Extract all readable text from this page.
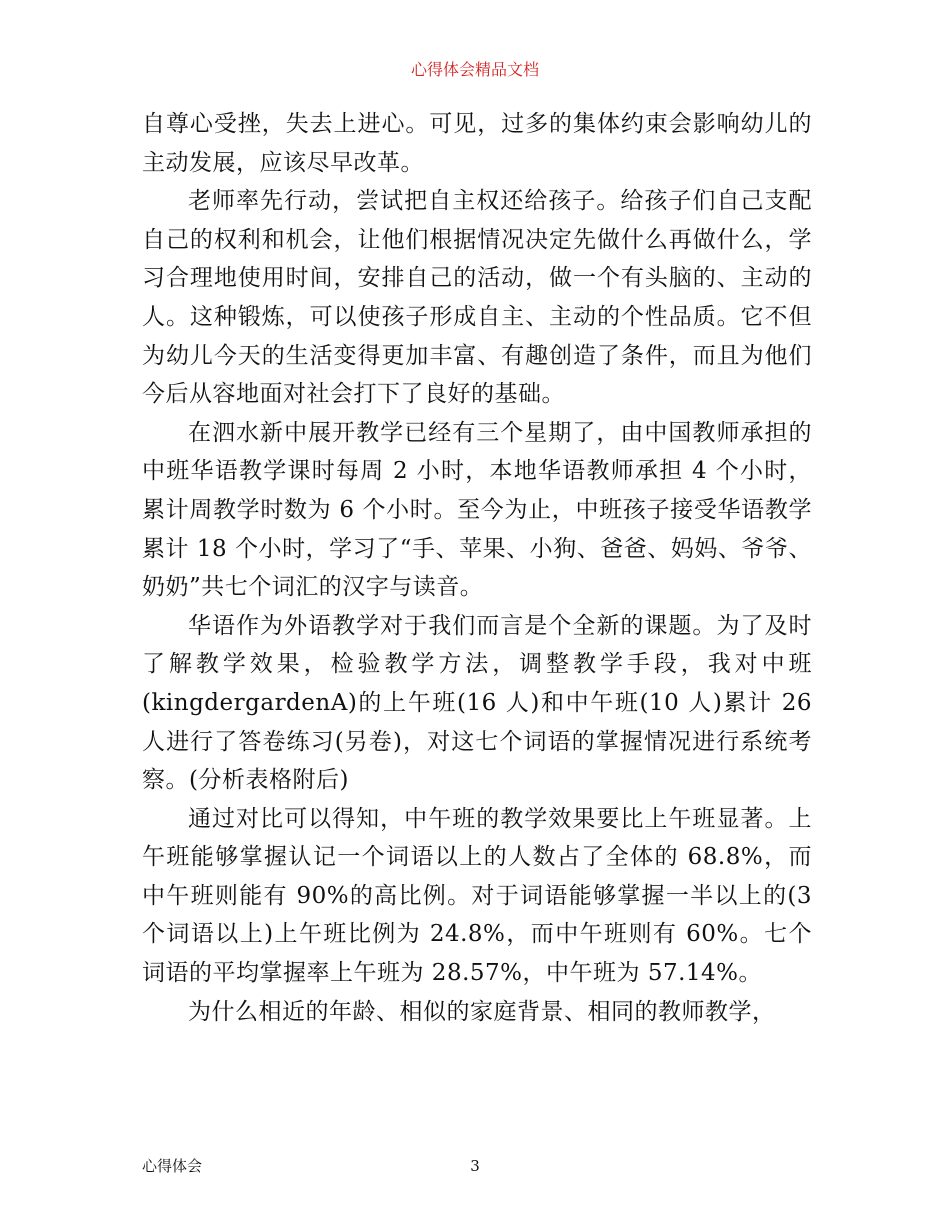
心得体会精品文档

自尊心受挫，失去上进心。可见，过多的集体约束会影响幼儿的主动发展，应该尽早改革。

老师率先行动，尝试把自主权还给孩子。给孩子们自己支配自己的权利和机会，让他们根据情况决定先做什么再做什么，学习合理地使用时间，安排自己的活动，做一个有头脑的、主动的人。这种锻炼，可以使孩子形成自主、主动的个性品质。它不但为幼儿今天的生活变得更加丰富、有趣创造了条件，而且为他们今后从容地面对社会打下了良好的基础。

在泗水新中展开教学已经有三个星期了，由中国教师承担的中班华语教学课时每周 2 小时，本地华语教师承担 4 个小时，累计周教学时数为 6 个小时。至今为止，中班孩子接受华语教学累计 18 个小时，学习了“手、苹果、小狗、爸爸、妈妈、爷爷、奶奶”共七个词汇的汉字与读音。

华语作为外语教学对于我们而言是个全新的课题。为了及时了解教学效果，检验教学方法，调整教学手段，我对中班(kingdergardenA)的上午班(16 人)和中午班(10 人)累计 26 人进行了答卷练习(另卷)，对这七个词语的掌握情况进行系统考察。(分析表格附后)

通过对比可以得知，中午班的教学效果要比上午班显著。上午班能够掌握认记一个词语以上的人数占了全体的 68.8%，而中午班则能有 90%的高比例。对于词语能够掌握一半以上的(3 个词语以上)上午班比例为 24.8%，而中午班则有 60%。七个词语的平均掌握率上午班为 28.57%，中午班为 57.14%。

为什么相近的年龄、相似的家庭背景、相同的教师教学，

心得体会	3
